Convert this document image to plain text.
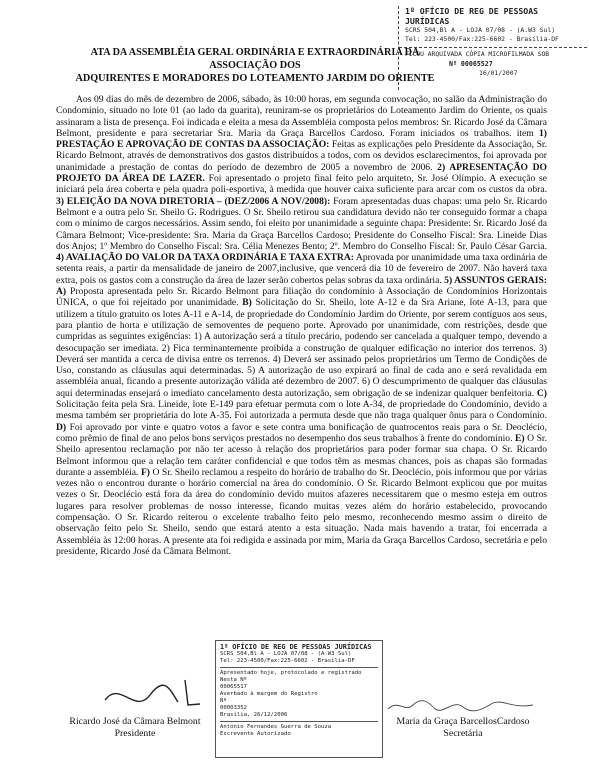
ATA DA ASSEMBLÉIA GERAL ORDINÁRIA E EXTRAORDINÁRIA DA ASSOCIAÇÃO DOS
ADQUIRENTES E MORADORES DO LOTEAMENTO JARDIM DO ORIENTE
1º OFÍCIO DE REG DE PESSOAS JURÍDICAS
SCRS 504,Bl A - LOJA 07/08 - (A.W3 Sul)
Tel: 223-4500/Fax:225-6602 - Brasília-DF
FICOU ARQUIVADA CÓPIA MICROFILMADA SOB
Nº 00065527
16/01/2007

Aos 09 dias do mês de dezembro de 2006, sábado, às 10:00 horas, em segunda convocação, no salão da Administração do Condomínio, situado no lote 01 (ao lado da guarita), reuniram-se os proprietários do Loteamento Jardim do Oriente, os quais assinaram a lista de presença. Foi indicada e eleita a mesa da Assembléia composta pelos membros: Sr. Ricardo José da Câmara Belmont, presidente e para secretariar Sra. Maria da Graça Barcellos Cardoso. Foram iniciados os trabalhos. item 1) PRESTAÇÃO E APROVAÇÃO DE CONTAS DA ASSOCIAÇÃO: Feitas as explicações pelo Presidente da Associação, Sr. Ricardo Belmont, através de demonstrativos dos gastos distribuídos a todos, com os devidos esclarecimentos, foi aprovada por unanimidade a prestação de contas do período de dezembro de 2005 a novembro de 2006. 2) APRESENTAÇÃO DO PROJETO DA ÁREA DE LAZER. Foi apresentado o projeto final feito pelo arquiteto, Sr. José Olímpio. A execução se iniciará pela área coberta e pela quadra poli-esportiva, à medida que houver caixa suficiente para arcar com os custos da obra. 3) ELEIÇÃO DA NOVA DIRETORIA – (DEZ/2006 A NOV/2008): Foram apresentadas duas chapas: uma pelo Sr. Ricardo Belmont e a outra pelo Sr. Sheilo G. Rodrigues. O Sr. Sheilo retirou sua candidatura devido não ter conseguido formar a chapa com o mínimo de cargos necessários. Assim sendo, foi eleito por unanimidade a seguinte chapa: Presidente: Sr. Ricardo José da Câmara Belmont; Vice-presidente: Sra. Maria da Graça Barcellos Cardoso; Presidente do Conselho Fiscal: Sra. Lineide Dias dos Anjos; 1º Membro do Conselho Fiscal: Sra. Célia Menezes Bento; 2º. Membro do Conselho Fiscal: Sr. Paulo César Garcia. 4) AVALIAÇÃO DO VALOR DA TAXA ORDINÁRIA E TAXA EXTRA: Aprovada por unanimidade uma taxa ordinária de setenta reais, a partir da mensalidade de janeiro de 2007,inclusive, que vencerá dia 10 de fevereiro de 2007. Não haverá taxa extra, pois os gastos com a construção da área de lazer serão cobertos pelas sobras da taxa ordinária. 5) ASSUNTOS GERAIS: A) Proposta apresentada pelo Sr. Ricardo Belmont para filiação do condomínio à Associação de Condomínios Horizontais ÚNICA, o que foi rejeitado por unanimidade. B) Solicitação do Sr. Sheilo, lote A-12 e da Sra Ariane, lote A-13, para que utilizem a título gratuito os lotes A-11 e A-14, de propriedade do Condomínio Jardim do Oriente, por serem contíguos aos seus, para plantio de horta e utilização de semoventes de pequeno porte. Aprovado por unanimidade, com restrições, desde que cumpridas as seguintes exigências: 1) A autorização será a título precário, podendo ser cancelada a qualquer tempo, devendo a desocupação ser imediata. 2) Fica terminantemente proibida a construção de qualquer edificação no interior dos terrenos. 3) Deverá ser mantida a cerca de divisa entre os terrenos. 4) Deverá ser assinado pelos proprietários um Termo de Condições de Uso, constando as cláusulas aqui determinadas. 5) A autorização de uso expirará ao final de cada ano e será revalidada em assembléia anual, ficando a presente autorização válida até dezembro de 2007. 6) O descumprimento de qualquer das cláusulas aqui determinadas ensejará o imediato cancelamento desta autorização, sem obrigação de se indenizar qualquer benfeitoria. C) Solicitação feita pela Sra. Lineide, lote E-149 para efetuar permuta com o lote A-34, de propriedade do Condomínio, devido a mesma também ser proprietária do lote A-35. Foi autorizada a permuta desde que não traga qualquer ônus para o Condomínio. D) Foi aprovado por vinte e quatro votos a favor e sete contra uma bonificação de quatrocentos reais para o Sr. Deoclécio, como prêmio de final de ano pelos bons serviços prestados no desempenho dos seus trabalhos à frente do condomínio. E) O Sr. Sheilo apresentou reclamação por não ter acesso à relação dos proprietários para poder formar sua chapa. O Sr. Ricardo Belmont informou que a relação tem caráter confidencial e que todos têm as mesmas chances, pois as chapas são formadas durante a assembléia. F) O Sr. Sheilo reclamou a respeito do horário de trabalho do Sr. Deoclécio, pois informou que por várias vezes não o encontrou durante o horário comercial na área do condomínio. O Sr. Ricardo Belmont explicou que por muitas vezes o Sr. Deoclécio está fora da área do condomínio devido muitos afazeres necessitarem que o mesmo esteja em outros lugares para resolver problemas de nosso interesse, ficando muitas vezes além do horário estabelecido, provocando compensação. O Sr. Ricardo reiterou o excelente trabalho feito pelo mesmo, reconhecendo mesmo assim o direito de observação feito pelo Sr. Sheilo, sendo que estará atento a esta situação. Nada mais havendo a tratar, foi encerrada a Assembléia às 12:00 horas. A presente ata foi redigida e assinada por mim, Maria da Graça Barcellos Cardoso, secretária e pelo presidente, Ricardo José da Câmara Belmont.

1º OFÍCIO DE REG DE PESSOAS JURÍDICAS
SCRS 504,Bl A - LOJA 07/08 - (A.W3 Sul)
Tel: 223-4500/Fax:225-6602 - Brasília-DF
Apresentado hoje, protocolado e registrado
Nesta Nº
00065517
Averbado à margem do Registro
Nº
00003352
Brasília, 26/12/2006
Antonio Fernandes Guerra de Souza
Escrevente Autorizado
Ricardo José da Câmara Belmont
Presidente
Maria da Graça BarcellosCardoso
Secretária
